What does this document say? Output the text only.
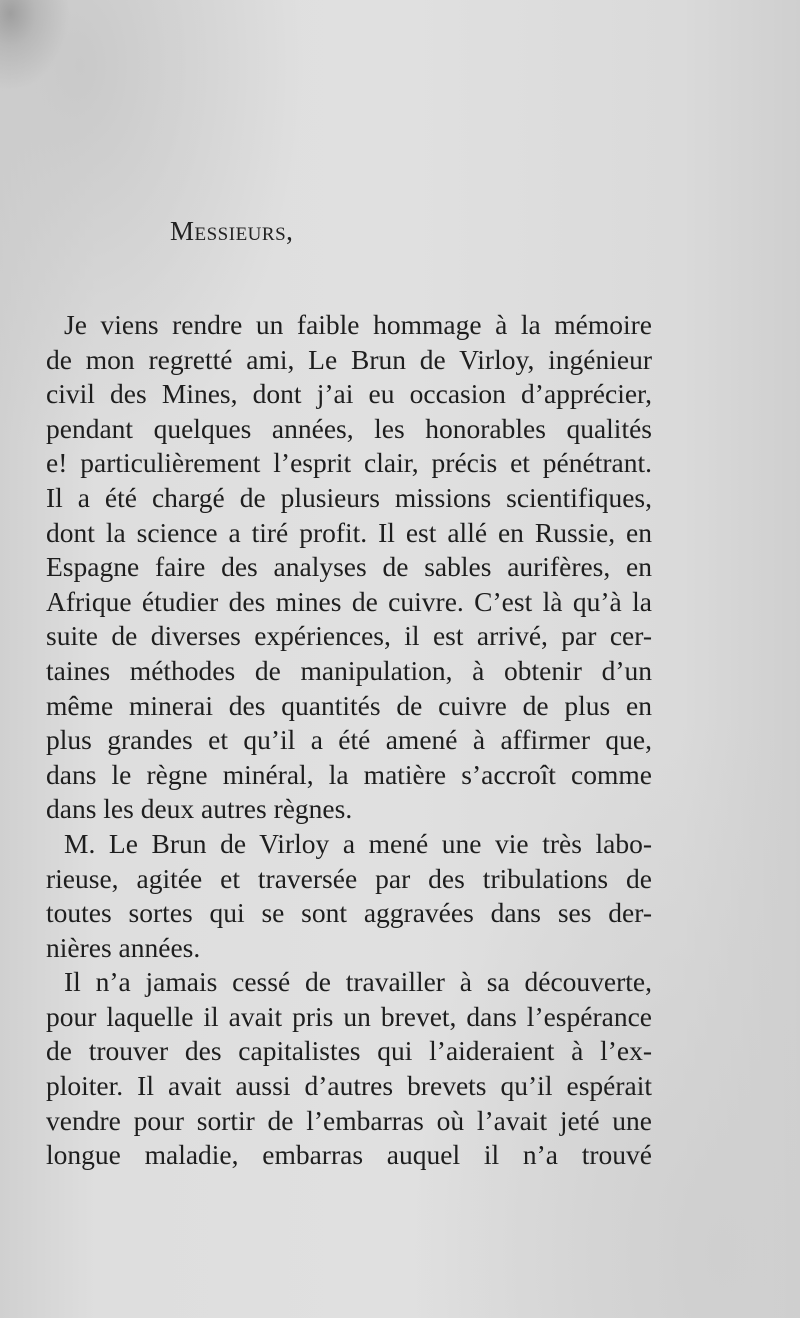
Messieurs,
Je viens rendre un faible hommage à la mémoire
de mon regretté ami, Le Brun de Virloy, ingénieur
civil des Mines, dont j’ai eu occasion d’apprécier,
pendant quelques années, les honorables qualités
e! particulièrement l’esprit clair, précis et pénétrant.
Il a été chargé de plusieurs missions scientifiques,
dont la science a tiré profit. Il est allé en Russie, en
Espagne faire des analyses de sables aurifères, en
Afrique étudier des mines de cuivre. C’est là qu’à la
suite de diverses expériences, il est arrivé, par cer-
taines méthodes de manipulation, à obtenir d’un
même minerai des quantités de cuivre de plus en
plus grandes et qu’il a été amené à affirmer que,
dans le règne minéral, la matière s’accroît comme
dans les deux autres règnes.
M. Le Brun de Virloy a mené une vie très labo-
rieuse, agitée et traversée par des tribulations de
toutes sortes qui se sont aggravées dans ses der-
nières années.
Il n’a jamais cessé de travailler à sa découverte,
pour laquelle il avait pris un brevet, dans l’espérance
de trouver des capitalistes qui l’aideraient à l’ex-
ploiter. Il avait aussi d’autres brevets qu’il espérait
vendre pour sortir de l’embarras où l’avait jeté une
longue maladie, embarras auquel il n’a trouvé
